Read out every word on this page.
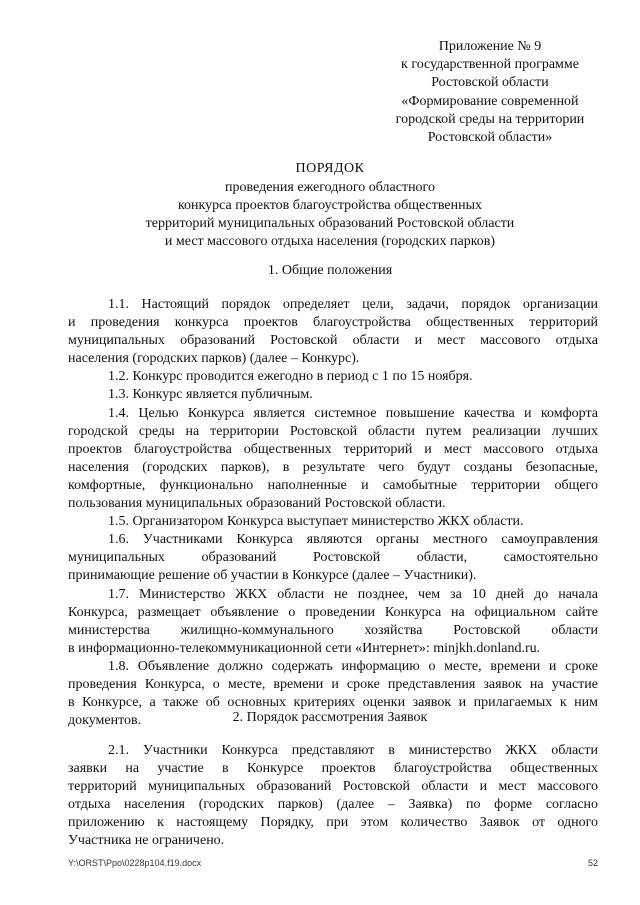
Приложение № 9
к государственной программе
Ростовской области
«Формирование современной
городской среды на территории
Ростовской области»
ПОРЯДОК
проведения ежегодного областного
конкурса проектов благоустройства общественных
территорий муниципальных образований Ростовской области
и мест массового отдыха населения (городских парков)
1. Общие положения
1.1. Настоящий порядок определяет цели, задачи, порядок организации
и проведения конкурса проектов благоустройства общественных территорий
муниципальных образований Ростовской области и мест массового отдыха
населения (городских парков) (далее – Конкурс).
1.2. Конкурс проводится ежегодно в период с 1 по 15 ноября.
1.3. Конкурс является публичным.
1.4. Целью Конкурса является системное повышение качества и комфорта
городской среды на территории Ростовской области путем реализации лучших
проектов благоустройства общественных территорий и мест массового отдыха
населения (городских парков), в результате чего будут созданы безопасные,
комфортные, функционально наполненные и самобытные территории общего
пользования муниципальных образований Ростовской области.
1.5. Организатором Конкурса выступает министерство ЖКХ области.
1.6. Участниками Конкурса являются органы местного самоуправления
муниципальных образований Ростовской области, самостоятельно
принимающие решение об участии в Конкурсе (далее – Участники).
1.7. Министерство ЖКХ области не позднее, чем за 10 дней до начала
Конкурса, размещает объявление о проведении Конкурса на официальном сайте
министерства жилищно-коммунального хозяйства Ростовской области
в информационно-телекоммуникационной сети «Интернет»: minjkh.donland.ru.
1.8. Объявление должно содержать информацию о месте, времени и сроке
проведения Конкурса, о месте, времени и сроке представления заявок на участие
в Конкурсе, а также об основных критериях оценки заявок и прилагаемых к ним
документов.	2. Порядок рассмотрения Заявок
2.1. Участники Конкурса представляют в министерство ЖКХ области
заявки на участие в Конкурсе проектов благоустройства общественных
территорий муниципальных образований Ростовской области и мест массового
отдыха населения (городских парков) (далее – Заявка) по форме согласно
приложению к настоящему Порядку, при этом количество Заявок от одного
Участника не ограничено.
Y:\ORST\Ppo\0228p104.f19.docx	52
